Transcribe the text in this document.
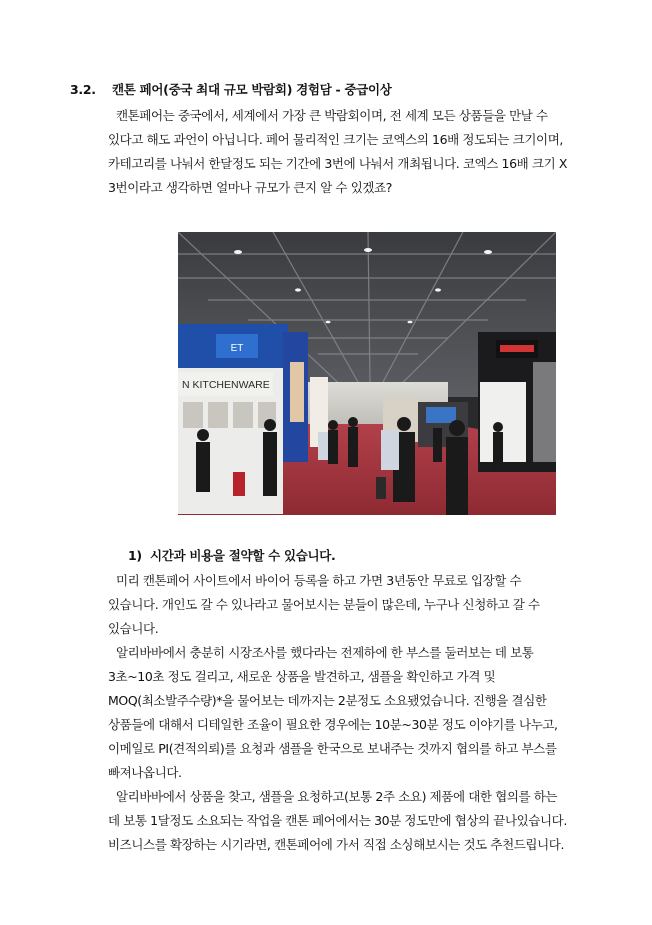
3.2. 캔톤 페어(중국 최대 규모 박람회) 경험담 - 중급이상
캔톤페어는 중국에서, 세계에서 가장 큰 박람회이며, 전 세계 모든 상품들을 만날 수
있다고 해도 과언이 아닙니다. 페어 물리적인 크기는 코엑스의 16배 정도되는 크기이며,
카테고리를 나눠서 한달정도 되는 기간에 3번에 나눠서 개최됩니다. 코엑스 16배 크기 X
3번이라고 생각하면 얼마나 규모가 큰지 알 수 있겠죠?
ET
N KITCHENWARE
1) 시간과 비용을 절약할 수 있습니다.
미리 캔톤페어 사이트에서 바이어 등록을 하고 가면 3년동안 무료로 입장할 수
있습니다. 개인도 갈 수 있나라고 물어보시는 분들이 많은데, 누구나 신청하고 갈 수
있습니다.
알리바바에서 충분히 시장조사를 했다라는 전제하에 한 부스를 둘러보는 데 보통
3초~10초 정도 걸리고, 새로운 상품을 발견하고, 샘플을 확인하고 가격 및
MOQ(최소발주수량)*을 물어보는 데까지는 2분정도 소요됐었습니다. 진행을 결심한
상품들에 대해서 디테일한 조율이 필요한 경우에는 10분~30분 정도 이야기를 나누고,
이메일로 PI(견적의뢰)를 요청과 샘플을 한국으로 보내주는 것까지 협의를 하고 부스를
빠져나옵니다.
알리바바에서 상품을 찾고, 샘플을 요청하고(보통 2주 소요) 제품에 대한 협의를 하는
데 보통 1달정도 소요되는 작업을 캔톤 페어에서는 30분 정도만에 협상의 끝나있습니다.
비즈니스를 확장하는 시기라면, 캔톤페어에 가서 직접 소싱해보시는 것도 추천드립니다.
